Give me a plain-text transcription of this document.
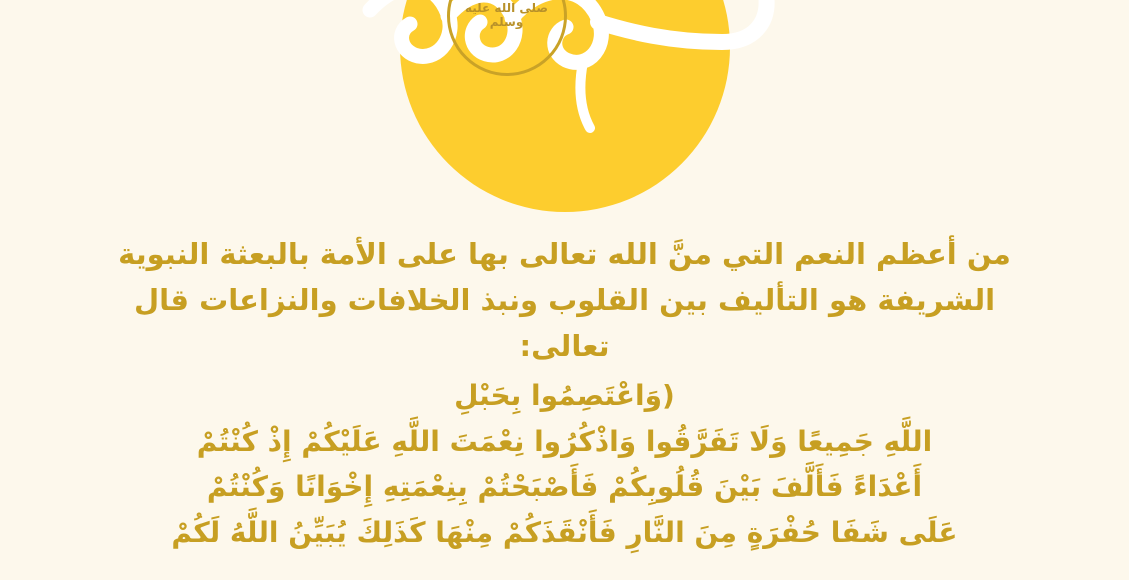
صلى الله عليه وسلم

من أعظم النعم التي منَّ الله تعالى بها على الأمة بالبعثة النبوية الشريفة هو التأليف بين القلوب ونبذ الخلافات والنزاعات قال تعالى:

(وَاعْتَصِمُوا بِحَبْلِ
اللَّهِ جَمِيعًا وَلَا تَفَرَّقُوا وَاذْكُرُوا نِعْمَتَ اللَّهِ عَلَيْكُمْ إِذْ كُنْتُمْ
أَعْدَاءً فَأَلَّفَ بَيْنَ قُلُوبِكُمْ فَأَصْبَحْتُمْ بِنِعْمَتِهِ إِخْوَانًا وَكُنْتُمْ
عَلَى شَفَا حُفْرَةٍ مِنَ النَّارِ فَأَنْقَذَكُمْ مِنْهَا كَذَلِكَ يُبَيِّنُ اللَّهُ لَكُمْ
